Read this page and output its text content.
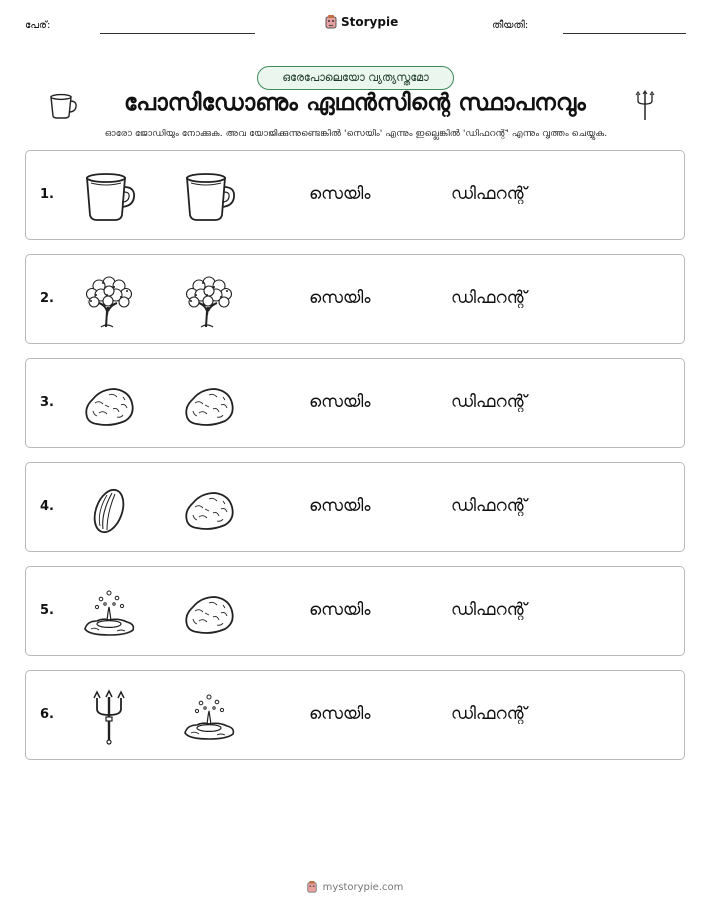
പേര്:	Storypie	തീയതി:
ഒരേപോലെയോ വ്യത്യസ്തമോ
പോസിഡോണും ഏഥൻസിന്റെ സ്ഥാപനവും
ഓരോ ജോഡിയും നോക്കുക. അവ യോജിക്കുന്നുണ്ടെങ്കിൽ 'സെയിം' എന്നും ഇല്ലെങ്കിൽ 'ഡിഫറന്റ്' എന്നും വൃത്തം ചെയ്യുക.
1.	സെയിം	ഡിഫറന്റ്
2.	സെയിം	ഡിഫറന്റ്
3.	സെയിം	ഡിഫറന്റ്
4.	സെയിം	ഡിഫറന്റ്
5.	സെയിം	ഡിഫറന്റ്
6.	സെയിം	ഡിഫറന്റ്
mystorypie.com
